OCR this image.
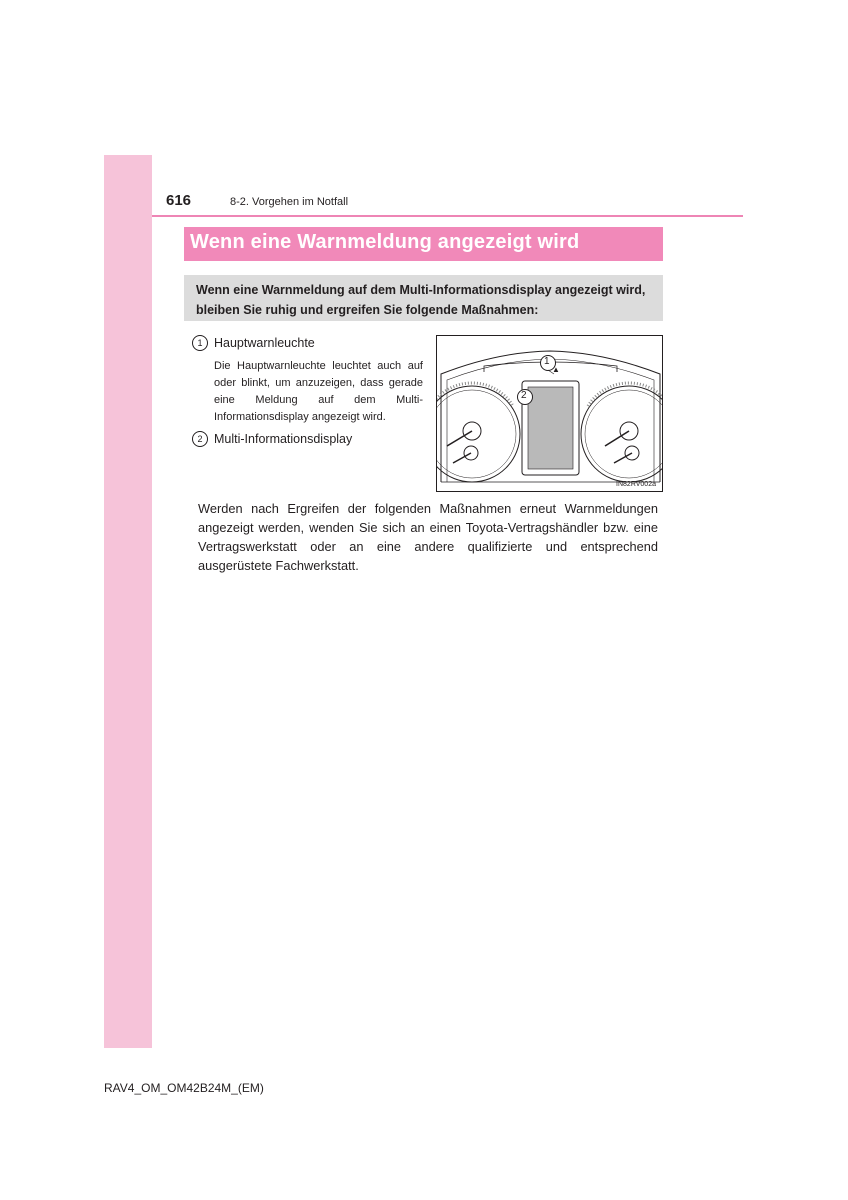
616	8-2. Vorgehen im Notfall
Wenn eine Warnmeldung angezeigt wird
Wenn eine Warnmeldung auf dem Multi-Informationsdisplay angezeigt wird, bleiben Sie ruhig und ergreifen Sie folgende Maßnahmen:
1 Hauptwarnleuchte
Die Hauptwarnleuchte leuchtet auch auf oder blinkt, um anzuzeigen, dass gerade eine Meldung auf dem Multi-Informationsdisplay angezeigt wird.
2 Multi-Informationsdisplay
1
2
▲
IN82RV002a
Werden nach Ergreifen der folgenden Maßnahmen erneut Warnmeldungen angezeigt werden, wenden Sie sich an einen Toyota-Vertragshändler bzw. eine Vertragswerkstatt oder an eine andere qualifizierte und entsprechend ausgerüstete Fachwerkstatt.
RAV4_OM_OM42B24M_(EM)
